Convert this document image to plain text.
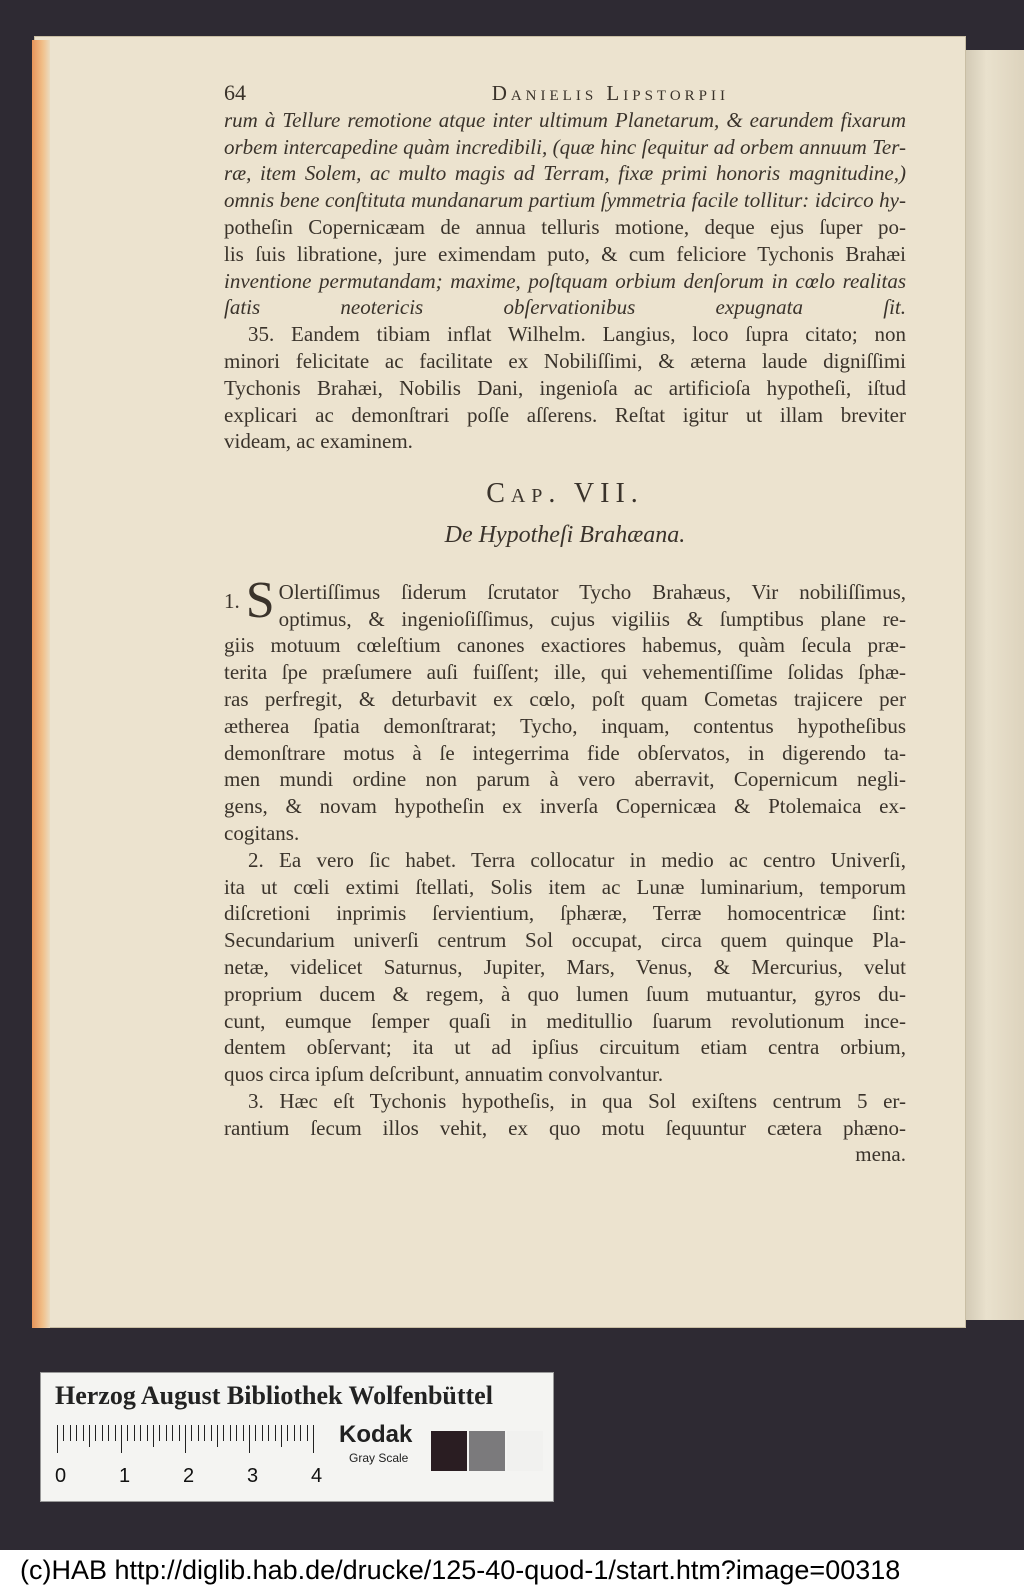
64	Danielis Lipstorpii
rum à Tellure remotione atque inter ultimum Planetarum, & earundem fixarum
orbem intercapedine quàm incredibili, (quæ hinc ſequitur ad orbem annuum Ter-
ræ, item Solem, ac multo magis ad Terram, fixæ primi honoris magnitudine,)
omnis bene conſtituta mundanarum partium ſymmetria facile tollitur: idcirco hy-
potheſin Copernicæam de annua telluris motione, deque ejus ſuper po-
lis ſuis libratione, jure eximendam puto, & cum feliciore Tychonis Brahæi
inventione permutandam; maxime, poſtquam orbium denſorum in cœlo realitas
ſatis neotericis obſervationibus expugnata ſit.
35. Eandem tibiam inflat Wilhelm. Langius, loco ſupra citato; non
minori felicitate ac facilitate ex Nobiliſſimi, & æterna laude digniſſimi
Tychonis Brahæi, Nobilis Dani, ingenioſa ac artificioſa hypotheſi, iſtud
explicari ac demonſtrari poſſe aſſerens. Reſtat igitur ut illam breviter
videam, ac examinem.
Cap. VII.
De Hypotheſi Brahæana.
1. S Olertiſſimus ſiderum ſcrutator Tycho Brahæus, Vir nobiliſſimus,
optimus, & ingenioſiſſimus, cujus vigiliis & ſumptibus plane re-
giis motuum cœleſtium canones exactiores habemus, quàm ſecula præ-
terita ſpe præſumere auſi fuiſſent; ille, qui vehementiſſime ſolidas ſphæ-
ras perfregit, & deturbavit ex cœlo, poſt quam Cometas trajicere per
æthereа ſpatia demonſtrarat; Tycho, inquam, contentus hypotheſibus
demonſtrare motus à ſe integerrima fide obſervatos, in digerendo ta-
men mundi ordine non parum à vero aberravit, Copernicum negli-
gens, & novam hypotheſin ex inverſa Copernicæa & Ptolemaica ex-
cogitans.
2. Ea vero ſic habet. Terra collocatur in medio ac centro Univerſi,
ita ut cœli extimi ſtellati, Solis item ac Lunæ luminarium, temporum
diſcretioni inprimis ſervientium, ſphæræ, Terræ homocentricæ ſint:
Secundarium univerſi centrum Sol occupat, circa quem quinque Pla-
netæ, videlicet Saturnus, Jupiter, Mars, Venus, & Mercurius, velut
proprium ducem & regem, à quo lumen ſuum mutuantur, gyros du-
cunt, eumque ſemper quaſi in meditullio ſuarum revolutionum ince-
dentem obſervant; ita ut ad ipſius circuitum etiam centra orbium,
quos circa ipſum deſcribunt, annuatim convolvantur.
3. Hæc eſt Tychonis hypotheſis, in qua Sol exiſtens centrum 5 er-
rantium ſecum illos vehit, ex quo motu ſequuntur cætera phæno-
mena.
Herzog August Bibliothek Wolfenbüttel
0	1	2	3	4
Kodak
Gray Scale
(c)HAB http://diglib.hab.de/drucke/125-40-quod-1/start.htm?image=00318
